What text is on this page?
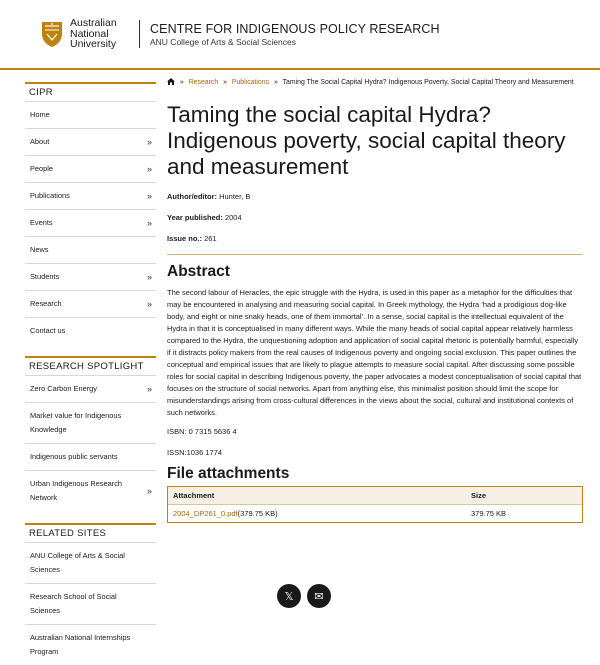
Australian
National
University
CENTRE FOR INDIGENOUS POLICY RESEARCH
ANU College of Arts & Social Sciences
CIPR
Home
About	»
People	»
Publications	»
Events	»
News
Students	»
Research	»
Contact us
RESEARCH SPOTLIGHT
Zero Carbon Energy	»
Market value for Indigenous Knowledge
Indigenous public servants
Urban Indigenous Research Network
»
RELATED SITES
ANU College of Arts & Social Sciences
Research School of Social Sciences
Australian National Internships Program
» Research » Publications » Taming The Social Capital Hydra? Indigenous Poverty, Social Capital Theory and Measurement
Taming the social capital Hydra? Indigenous poverty, social capital theory and measurement
Author/editor: Hunter, B
Year published: 2004
Issue no.: 261
Abstract

The second labour of Heracles, the epic struggle with the Hydra, is used in this paper as a metaphor for the difficulties that may be encountered in analysing and measuring social capital. In Greek mythology, the Hydra ‘had a prodigious dog-like body, and eight or nine snaky heads, one of them immortal’. In a sense, social capital is the intellectual equivalent of the Hydra in that it is conceptualised in many different ways. While the many heads of social capital appear relatively harmless compared to the Hydra, the unquestioning adoption and application of social capital rhetoric is potentially harmful, especially if it distracts policy makers from the real causes of Indigenous poverty and ongoing social exclusion. This paper outlines the conceptual and empirical issues that are likely to plague attempts to measure social capital. After discussing some possible roles for social capital in describing Indigenous poverty, the paper advocates a modest conceptualisation of social capital that focuses on the structure of social networks. Apart from anything else, this minimalist position should limit the scope for misunderstandings arising from cross-cultural differences in the views about the social, cultural and institutional contexts of such networks.

ISBN: 0 7315 5636 4

ISSN:1036 1774

File attachments
Attachment	Size
2004_DP261_0.pdf(379.75 KB)	379.75 KB
𝕏	✉
